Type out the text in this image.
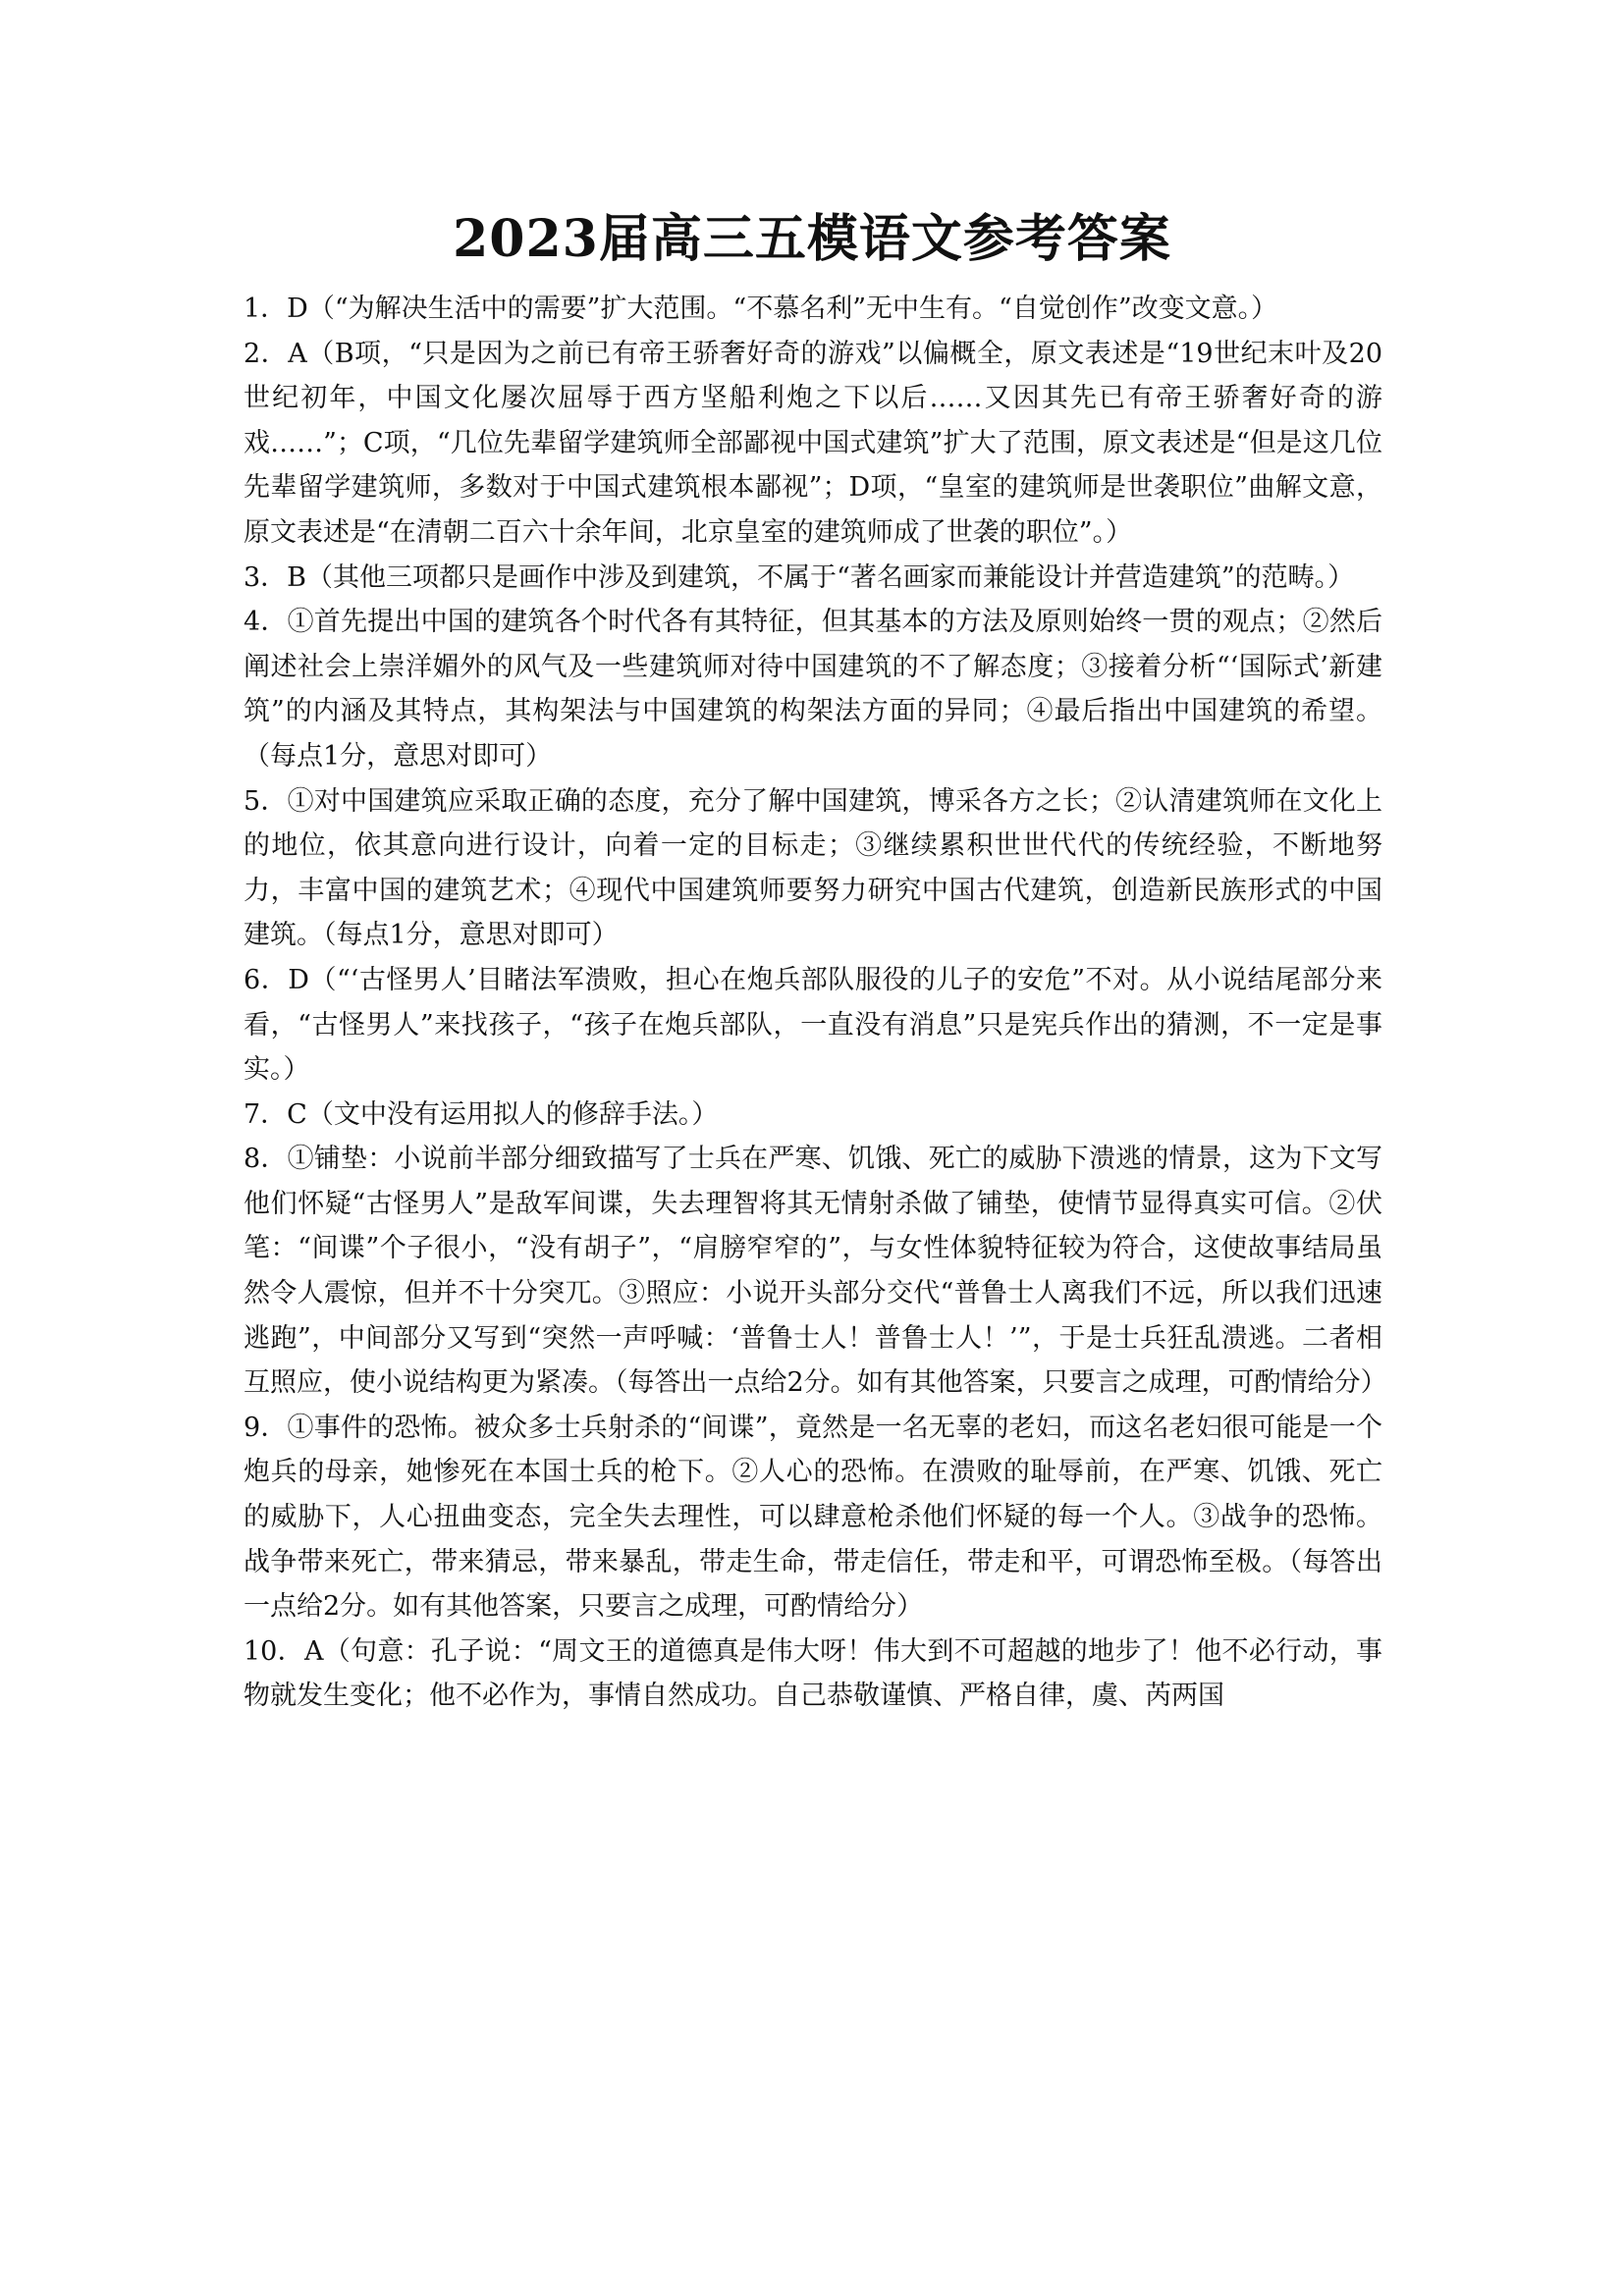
2023届高三五模语文参考答案

1．D（“为解决生活中的需要”扩大范围。“不慕名利”无中生有。“自觉创作”改变文意。）

2．A（B项，“只是因为之前已有帝王骄奢好奇的游戏”以偏概全，原文表述是“19世纪末叶及20世纪初年，中国文化屡次屈辱于西方坚船利炮之下以后……又因其先已有帝王骄奢好奇的游戏……”；C项，“几位先辈留学建筑师全部鄙视中国式建筑”扩大了范围，原文表述是“但是这几位先辈留学建筑师，多数对于中国式建筑根本鄙视”；D项，“皇室的建筑师是世袭职位”曲解文意，原文表述是“在清朝二百六十余年间，北京皇室的建筑师成了世袭的职位”。）

3．B（其他三项都只是画作中涉及到建筑，不属于“著名画家而兼能设计并营造建筑”的范畴。）

4．①首先提出中国的建筑各个时代各有其特征，但其基本的方法及原则始终一贯的观点；②然后阐述社会上崇洋媚外的风气及一些建筑师对待中国建筑的不了解态度；③接着分析“‘国际式’新建筑”的内涵及其特点，其构架法与中国建筑的构架法方面的异同；④最后指出中国建筑的希望。（每点1分，意思对即可）

5．①对中国建筑应采取正确的态度，充分了解中国建筑，博采各方之长；②认清建筑师在文化上的地位，依其意向进行设计，向着一定的目标走；③继续累积世世代代的传统经验，不断地努力，丰富中国的建筑艺术；④现代中国建筑师要努力研究中国古代建筑，创造新民族形式的中国建筑。（每点1分，意思对即可）

6．D（“‘古怪男人’目睹法军溃败，担心在炮兵部队服役的儿子的安危”不对。从小说结尾部分来看，“古怪男人”来找孩子，“孩子在炮兵部队，一直没有消息”只是宪兵作出的猜测，不一定是事实。）

7．C（文中没有运用拟人的修辞手法。）

8．①铺垫：小说前半部分细致描写了士兵在严寒、饥饿、死亡的威胁下溃逃的情景，这为下文写他们怀疑“古怪男人”是敌军间谍，失去理智将其无情射杀做了铺垫，使情节显得真实可信。②伏笔：“间谍”个子很小，“没有胡子”，“肩膀窄窄的”，与女性体貌特征较为符合，这使故事结局虽然令人震惊，但并不十分突兀。③照应：小说开头部分交代“普鲁士人离我们不远，所以我们迅速逃跑”，中间部分又写到“突然一声呼喊：‘普鲁士人！普鲁士人！’”，于是士兵狂乱溃逃。二者相互照应，使小说结构更为紧凑。（每答出一点给2分。如有其他答案，只要言之成理，可酌情给分）

9．①事件的恐怖。被众多士兵射杀的“间谍”，竟然是一名无辜的老妇，而这名老妇很可能是一个炮兵的母亲，她惨死在本国士兵的枪下。②人心的恐怖。在溃败的耻辱前，在严寒、饥饿、死亡的威胁下，人心扭曲变态，完全失去理性，可以肆意枪杀他们怀疑的每一个人。③战争的恐怖。战争带来死亡，带来猜忌，带来暴乱，带走生命，带走信任，带走和平，可谓恐怖至极。（每答出一点给2分。如有其他答案，只要言之成理，可酌情给分）

10．A（句意：孔子说：“周文王的道德真是伟大呀！伟大到不可超越的地步了！他不必行动，事物就发生变化；他不必作为，事情自然成功。自己恭敬谨慎、严格自律，虞、芮两国
